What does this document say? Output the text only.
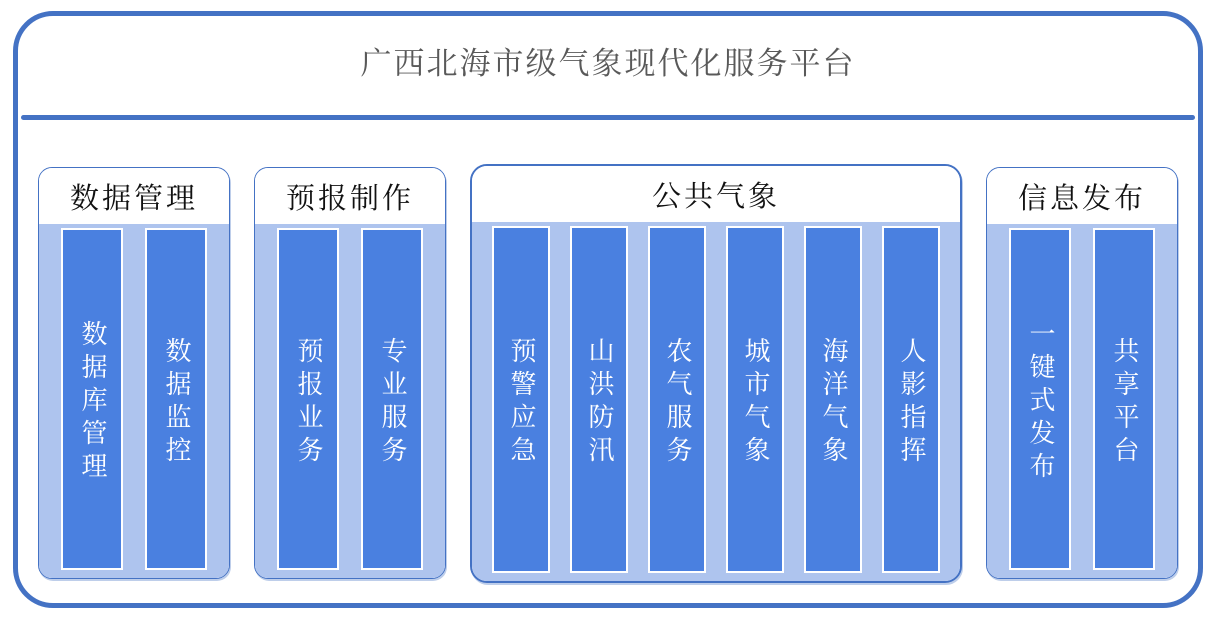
广西北海市级气象现代化服务平台
数据管理
数据库管理 数据监控
预报制作
预报业务 专业服务
公共气象
预警应急 山洪防汛 农气服务 城市气象 海洋气象 人影指挥
信息发布
一键式发布 共享平台
